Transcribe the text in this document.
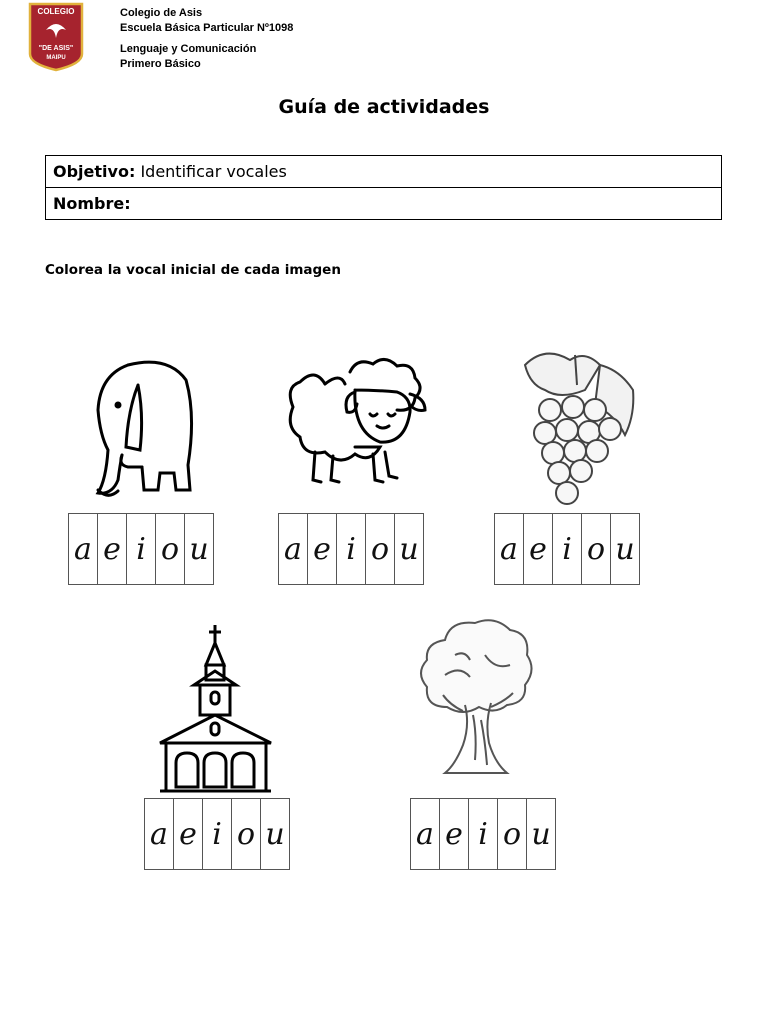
COLEGIO
"DE ASIS"
MAIPU
Colegio de Asis
Escuela Básica Particular Nº1098
Lenguaje y Comunicación
Primero Básico
Guía de actividades
Objetivo: Identificar vocales
Nombre:
Colorea la vocal inicial de cada imagen
a e i o u	a e i o u	a e i o u
a e i o u	a e i o u
